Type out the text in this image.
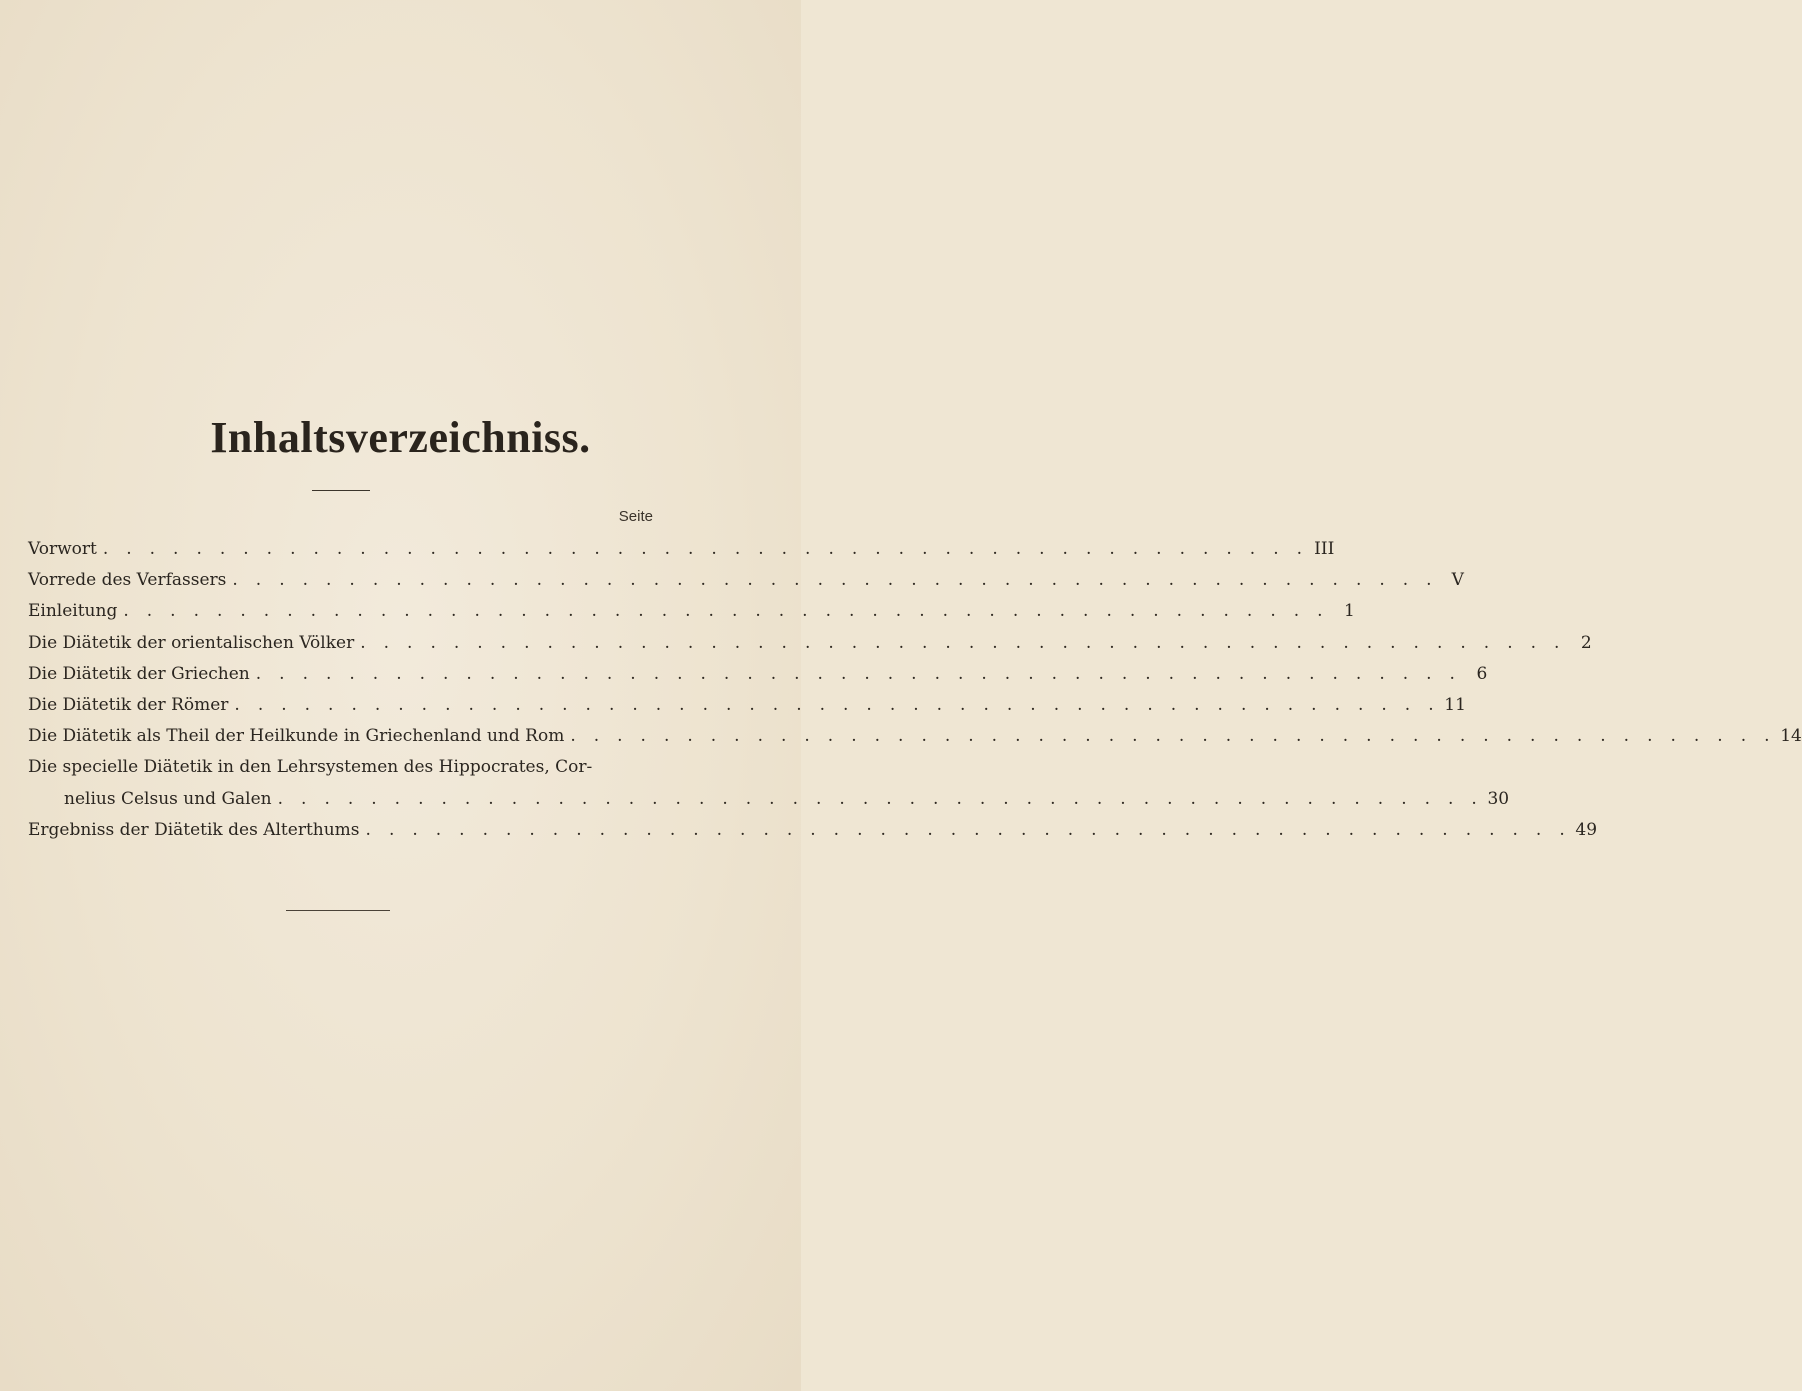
Inhaltsverzeichniss.
Seite
Vorwort . . . . . . . . . . . . . . . . . . . . . . . . . . . . . . . . . . . . . . . . . . . . . . . . . . . . III
Vorrede des Verfassers . . . . . . . . . . . . . . . . . . . . . . . . . . . . . . . . . . . . . . . . . . . . . . . . . . . . V
Einleitung . . . . . . . . . . . . . . . . . . . . . . . . . . . . . . . . . . . . . . . . . . . . . . . . . . . . 1
Die Diätetik der orientalischen Völker . . . . . . . . . . . . . . . . . . . . . . . . . . . . . . . . . . . . . . . . . . . . . . . . . . . . 2
Die Diätetik der Griechen . . . . . . . . . . . . . . . . . . . . . . . . . . . . . . . . . . . . . . . . . . . . . . . . . . . . 6
Die Diätetik der Römer . . . . . . . . . . . . . . . . . . . . . . . . . . . . . . . . . . . . . . . . . . . . . . . . . . . . 11
Die Diätetik als Theil der Heilkunde in Griechenland und Rom . . . . . . . . . . . . . . . . . . . . . . . . . . . . . . . . . . . . . . . . . . . . . . . . . . . . 14
Die specielle Diätetik in den Lehrsystemen des Hippocrates, Cor-
nelius Celsus und Galen . . . . . . . . . . . . . . . . . . . . . . . . . . . . . . . . . . . . . . . . . . . . . . . . . . . . 30
Ergebniss der Diätetik des Alterthums . . . . . . . . . . . . . . . . . . . . . . . . . . . . . . . . . . . . . . . . . . . . . . . . . . . . 49
